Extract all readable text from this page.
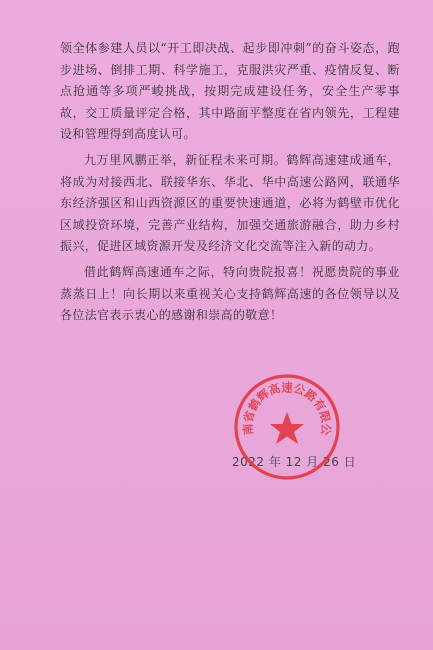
领全体参建人员以“开工即决战、起步即冲刺”的奋斗姿态，跑步进场、倒排工期、科学施工，克服洪灾严重、疫情反复、断点抢通等多项严峻挑战，按期完成建设任务，安全生产零事故，交工质量评定合格，其中路面平整度在省内领先，工程建设和管理得到高度认可。

九万里风鹏正举，新征程未来可期。鹤辉高速建成通车，将成为对接西北、联接华东、华北、华中高速公路网，联通华东经济强区和山西资源区的重要快速通道，必将为鹤壁市优化区域投资环境，完善产业结构，加强交通旅游融合，助力乡村振兴，促进区域资源开发及经济文化交流等注入新的动力。

借此鹤辉高速通车之际，特向贵院报喜！祝愿贵院的事业蒸蒸日上！向长期以来重视关心支持鹤辉高速的各位领导以及各位法官表示衷心的感谢和崇高的敬意！

2022 年 12 月 26 日
南省鹤辉高速公路有限公
